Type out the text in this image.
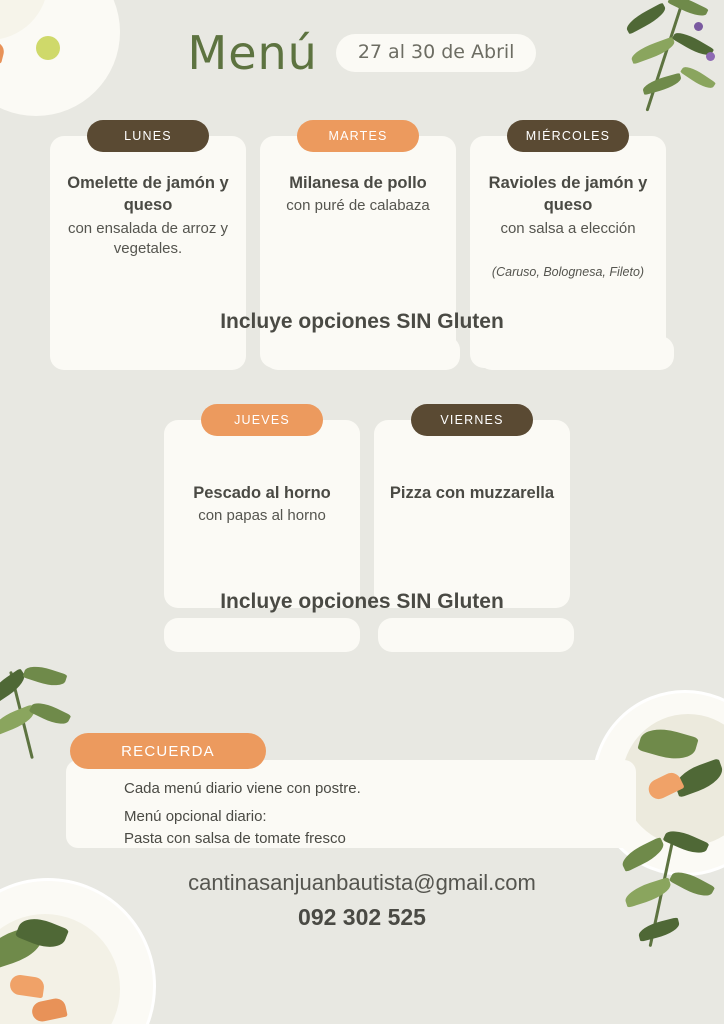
Menú	27 al 30 de Abril
LUNES
Omelette de jamón y queso
con ensalada de arroz y vegetales.
MARTES
Milanesa de pollo
con puré de calabaza
MIÉRCOLES
Ravioles de jamón y queso
con salsa a elección
(Caruso, Bolognesa, Fileto)
Incluye opciones SIN Gluten
JUEVES
Pescado al horno
con papas al horno
VIERNES
Pizza con muzzarella
Incluye opciones SIN Gluten
RECUERDA

Cada menú diario viene con postre.

Menú opcional diario:

Pasta con salsa de tomate fresco

cantinasanjuanbautista@gmail.com
092 302 525
